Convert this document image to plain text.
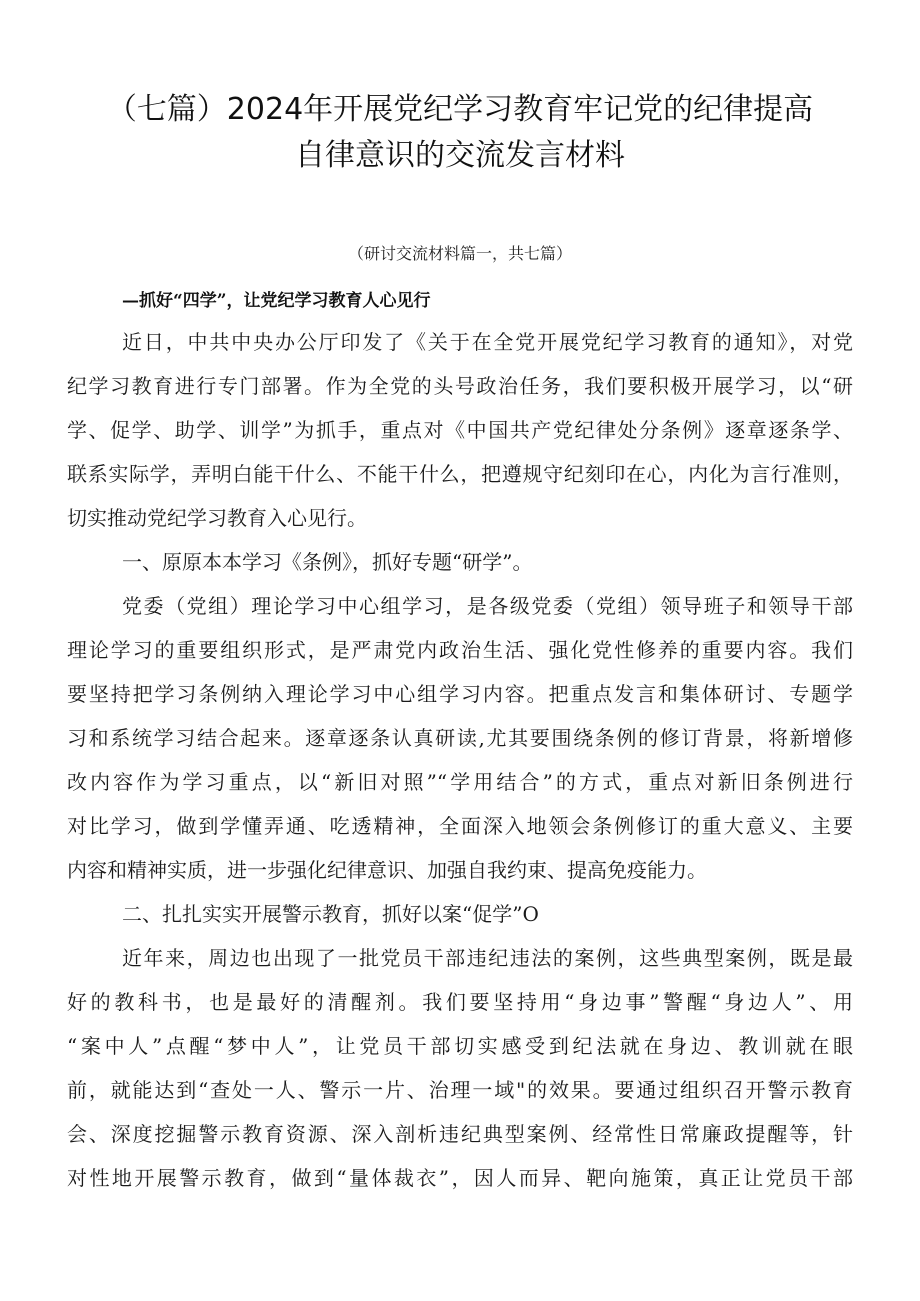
（七篇）2024年开展党纪学习教育牢记党的纪律提高
自律意识的交流发言材料
（研讨交流材料篇一，共七篇）
—抓好“四学”，让党纪学习教育人心见行
近日，中共中央办公厅印发了《关于在全党开展党纪学习教育的通知》，对党
纪学习教育进行专门部署。作为全党的头号政治任务，我们要积极开展学习，以“研
学、促学、助学、训学”为抓手，重点对《中国共产党纪律处分条例》逐章逐条学、
联系实际学，弄明白能干什么、不能干什么，把遵规守纪刻印在心，内化为言行准则，
切实推动党纪学习教育入心见行。
一、原原本本学习《条例》，抓好专题“研学”。
党委（党组）理论学习中心组学习，是各级党委（党组）领导班子和领导干部
理论学习的重要组织形式，是严肃党内政治生活、强化党性修养的重要内容。我们
要坚持把学习条例纳入理论学习中心组学习内容。把重点发言和集体研讨、专题学
习和系统学习结合起来。逐章逐条认真研读,尤其要围绕条例的修订背景，将新增修
改内容作为学习重点，以“新旧对照”“学用结合”的方式，重点对新旧条例进行
对比学习，做到学懂弄通、吃透精神，全面深入地领会条例修订的重大意义、主要
内容和精神实质，进一步强化纪律意识、加强自我约束、提高免疫能力。
二、扎扎实实开展警示教育，抓好以案“促学”O
近年来，周边也出现了一批党员干部违纪违法的案例，这些典型案例，既是最
好的教科书，也是最好的清醒剂。我们要坚持用“身边事”警醒“身边人”、用
“案中人”点醒“梦中人”，让党员干部切实感受到纪法就在身边、教训就在眼
前，就能达到“查处一人、警示一片、治理一域"的效果。要通过组织召开警示教育
会、深度挖掘警示教育资源、深入剖析违纪典型案例、经常性日常廉政提醒等，针
对性地开展警示教育，做到“量体裁衣”，因人而异、靶向施策，真正让党员干部
